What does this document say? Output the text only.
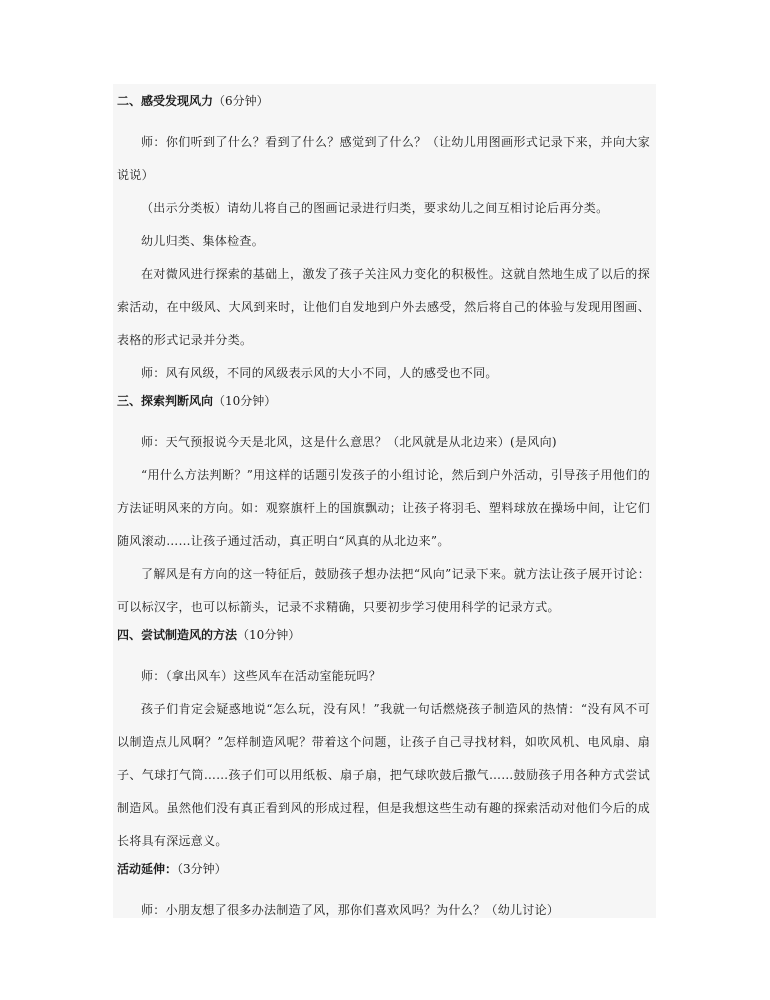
二、感受发现风力（6分钟）

师：你们听到了什么？看到了什么？感觉到了什么？（让幼儿用图画形式记录下来，并向大家说说）

（出示分类板）请幼儿将自己的图画记录进行归类，要求幼儿之间互相讨论后再分类。

幼儿归类、集体检查。

在对微风进行探索的基础上，激发了孩子关注风力变化的积极性。这就自然地生成了以后的探索活动，在中级风、大风到来时，让他们自发地到户外去感受，然后将自己的体验与发现用图画、表格的形式记录并分类。

师：风有风级，不同的风级表示风的大小不同，人的感受也不同。

三、探索判断风向（10分钟）

师：天气预报说今天是北风，这是什么意思？（北风就是从北边来）(是风向)

“用什么方法判断？”用这样的话题引发孩子的小组讨论，然后到户外活动，引导孩子用他们的方法证明风来的方向。如：观察旗杆上的国旗飘动；让孩子将羽毛、塑料球放在操场中间，让它们随风滚动……让孩子通过活动，真正明白“风真的从北边来”。

了解风是有方向的这一特征后，鼓励孩子想办法把“风向”记录下来。就方法让孩子展开讨论：可以标汉字，也可以标箭头，记录不求精确，只要初步学习使用科学的记录方式。

四、尝试制造风的方法（10分钟）

师：（拿出风车）这些风车在活动室能玩吗？

孩子们肯定会疑惑地说“怎么玩，没有风！”我就一句话燃烧孩子制造风的热情：“没有风不可以制造点儿风啊？”怎样制造风呢？带着这个问题，让孩子自己寻找材料，如吹风机、电风扇、扇子、气球打气筒……孩子们可以用纸板、扇子扇，把气球吹鼓后撒气……鼓励孩子用各种方式尝试制造风。虽然他们没有真正看到风的形成过程，但是我想这些生动有趣的探索活动对他们今后的成长将具有深远意义。

活动延伸：（3分钟）

师：小朋友想了很多办法制造了风，那你们喜欢风吗？为什么？（幼儿讨论）
